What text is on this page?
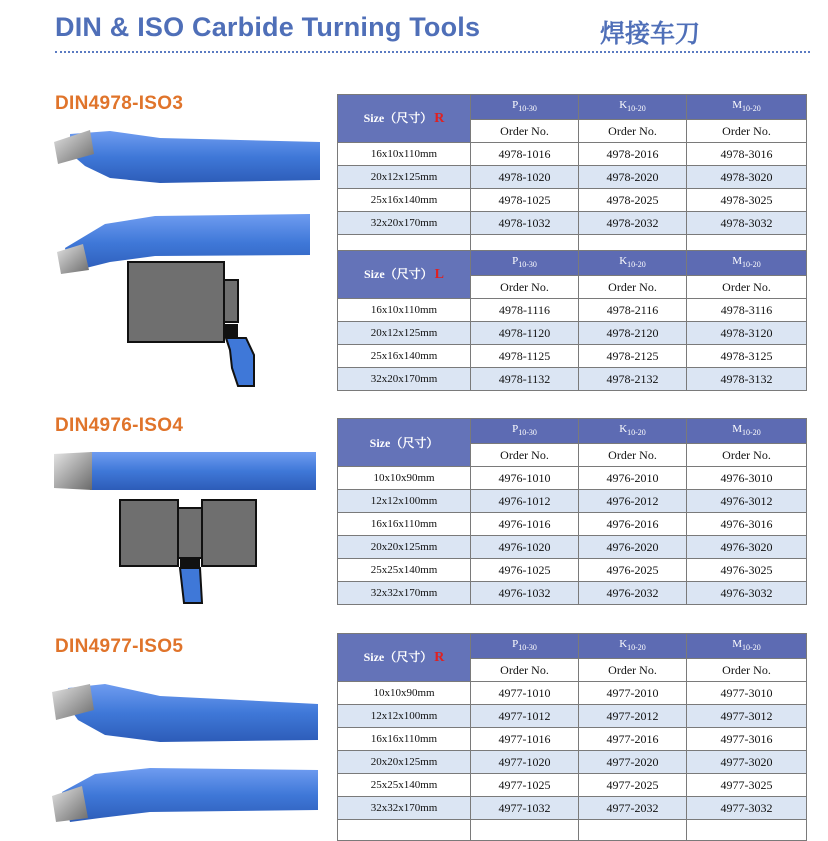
DIN & ISO Carbide Turning Tools	焊接车刀
DIN4978-ISO3
DIN4976-ISO4
DIN4977-ISO5
Size（尺寸） R	$P_{10-30}$	$K_{10-20}$	$M_{10-20}$
	Order No.	Order No.	Order No.
16x10x110mm	4978-1016	4978-2016	4978-3016
20x12x125mm	4978-1020	4978-2020	4978-3020
25x16x140mm	4978-1025	4978-2025	4978-3025
32x20x170mm	4978-1032	4978-2032	4978-3032

Size（尺寸） L	$P_{10-30}$	$K_{10-20}$	$M_{10-20}$
	Order No.	Order No.	Order No.
16x10x110mm	4978-1116	4978-2116	4978-3116
20x12x125mm	4978-1120	4978-2120	4978-3120
25x16x140mm	4978-1125	4978-2125	4978-3125
32x20x170mm	4978-1132	4978-2132	4978-3132
Size（尺寸）	$P_{10-30}$	$K_{10-20}$	$M_{10-20}$
	Order No.	Order No.	Order No.
10x10x90mm	4976-1010	4976-2010	4976-3010
12x12x100mm	4976-1012	4976-2012	4976-3012
16x16x110mm	4976-1016	4976-2016	4976-3016
20x20x125mm	4976-1020	4976-2020	4976-3020
25x25x140mm	4976-1025	4976-2025	4976-3025
32x32x170mm	4976-1032	4976-2032	4976-3032
Size（尺寸） R	$P_{10-30}$	$K_{10-20}$	$M_{10-20}$
	Order No.	Order No.	Order No.
10x10x90mm	4977-1010	4977-2010	4977-3010
12x12x100mm	4977-1012	4977-2012	4977-3012
16x16x110mm	4977-1016	4977-2016	4977-3016
20x20x125mm	4977-1020	4977-2020	4977-3020
25x25x140mm	4977-1025	4977-2025	4977-3025
32x32x170mm	4977-1032	4977-2032	4977-3032
